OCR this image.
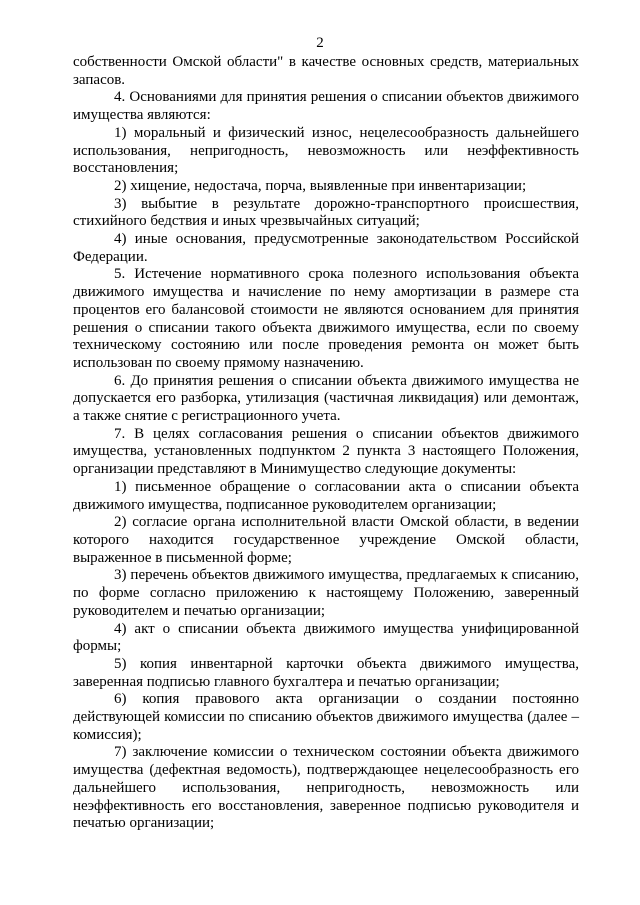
2

собственности Омской области" в качестве основных средств, материальных запасов.

4. Основаниями для принятия решения о списании объектов движимого имущества являются:

1) моральный и физический износ, нецелесообразность дальнейшего использования, непригодность, невозможность или неэффективность восстановления;

2) хищение, недостача, порча, выявленные при инвентаризации;

3) выбытие в результате дорожно-транспортного происшествия, стихийного бедствия и иных чрезвычайных ситуаций;

4) иные основания, предусмотренные законодательством Российской Федерации.

5. Истечение нормативного срока полезного использования объекта движимого имущества и начисление по нему амортизации в размере ста процентов его балансовой стоимости не являются основанием для принятия решения о списании такого объекта движимого имущества, если по своему техническому состоянию или после проведения ремонта он может быть использован по своему прямому назначению.

6. До принятия решения о списании объекта движимого имущества не допускается его разборка, утилизация (частичная ликвидация) или демонтаж, а также снятие с регистрационного учета.

7. В целях согласования решения о списании объектов движимого имущества, установленных подпунктом 2 пункта 3 настоящего Положения, организации представляют в Минимущество следующие документы:

1) письменное обращение о согласовании акта о списании объекта движимого имущества, подписанное руководителем организации;

2) согласие органа исполнительной власти Омской области, в ведении которого находится государственное учреждение Омской области, выраженное в письменной форме;

3) перечень объектов движимого имущества, предлагаемых к списанию, по форме согласно приложению к настоящему Положению, заверенный руководителем и печатью организации;

4) акт о списании объекта движимого имущества унифицированной формы;

5) копия инвентарной карточки объекта движимого имущества, заверенная подписью главного бухгалтера и печатью организации;

6) копия правового акта организации о создании постоянно действующей комиссии по списанию объектов движимого имущества (далее – комиссия);

7) заключение комиссии о техническом состоянии объекта движимого имущества (дефектная ведомость), подтверждающее нецелесообразность его дальнейшего использования, непригодность, невозможность или неэффективность его восстановления, заверенное подписью руководителя и печатью организации;
